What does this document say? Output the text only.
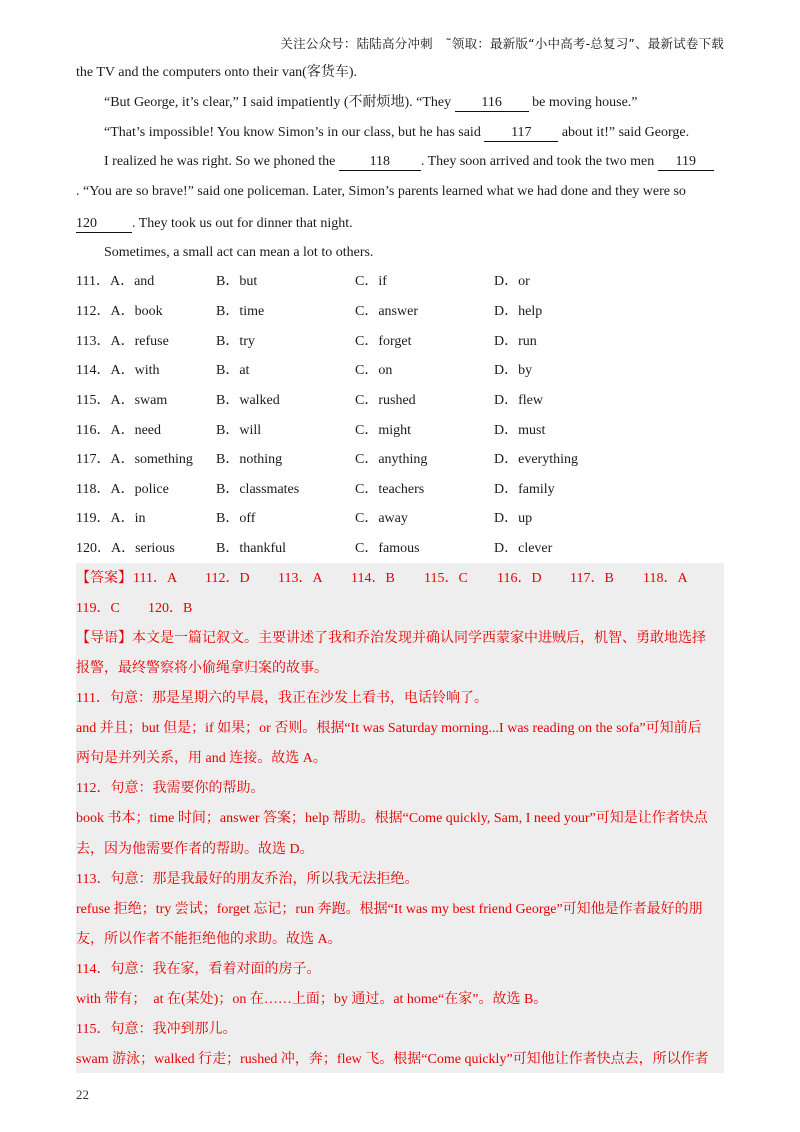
关注公众号：陆陆高分冲刺　˜领取：最新版“小中高考-总复习”、最新试卷下载
the TV and the computers onto their van(客货车).
“But George, it’s clear,” I said impatiently (不耐烦地). “They 116 be moving house.”
“That’s impossible! You know Simon’s in our class, but he has said 117 about it!” said George.
I realized he was right. So we phoned the 118 . They soon arrived and took the two men 119
. “You are so brave!” said one policeman. Later, Simon’s parents learned what we had done and they were so
120	. They took us out for dinner that night.
Sometimes, a small act can mean a lot to others.
111．A．and	B．but	C．if	D．or
112．A．book	B．time	C．answer	D．help
113．A．refuse	B．try	C．forget	D．run
114．A．with	B．at	C．on	D．by
115．A．swam	B．walked	C．rushed	D．flew
116．A．need	B．will	C．might	D．must
117．A．something B．nothing	C．anything	D．everything
118．A．police	B．classmates	C．teachers	D．family
119．A．in	B．off	C．away	D．up
120．A．serious	B．thankful	C．famous	D．clever
【答案】 111．A 112．D 113．A 114．B 115．C 116．D 117．B 118．A
119．C 120．B
【导语】本文是一篇记叙文。主要讲述了我和乔治发现并确认同学西蒙家中进贼后，机智、勇敢地选择
报警，最终警察将小偷绳拿归案的故事。
111．句意：那是星期六的早晨，我正在沙发上看书，电话铃响了。
and 并且；but 但是；if 如果；or 否则。根据“It was Saturday morning...I was reading on the sofa”可知前后
两句是并列关系，用 and 连接。故选 A。
112．句意：我需要你的帮助。
book 书本；time 时间；answer 答案；help 帮助。根据“Come quickly, Sam, I need your”可知是让作者快点
去，因为他需要作者的帮助。故选 D。
113．句意：那是我最好的朋友乔治，所以我无法拒绝。
refuse 拒绝；try 尝试；forget 忘记；run 奔跑。根据“It was my best friend George”可知他是作者最好的朋
友，所以作者不能拒绝他的求助。故选 A。
114．句意：我在家，看着对面的房子。
with 带有；　at 在(某处)；on 在……上面；by 通过。at home“在家”。故选 B。
115．句意：我冲到那儿。
swam 游泳；walked 行走；rushed 冲，奔；flew 飞。根据“Come quickly”可知他让作者快点去，所以作者
22
